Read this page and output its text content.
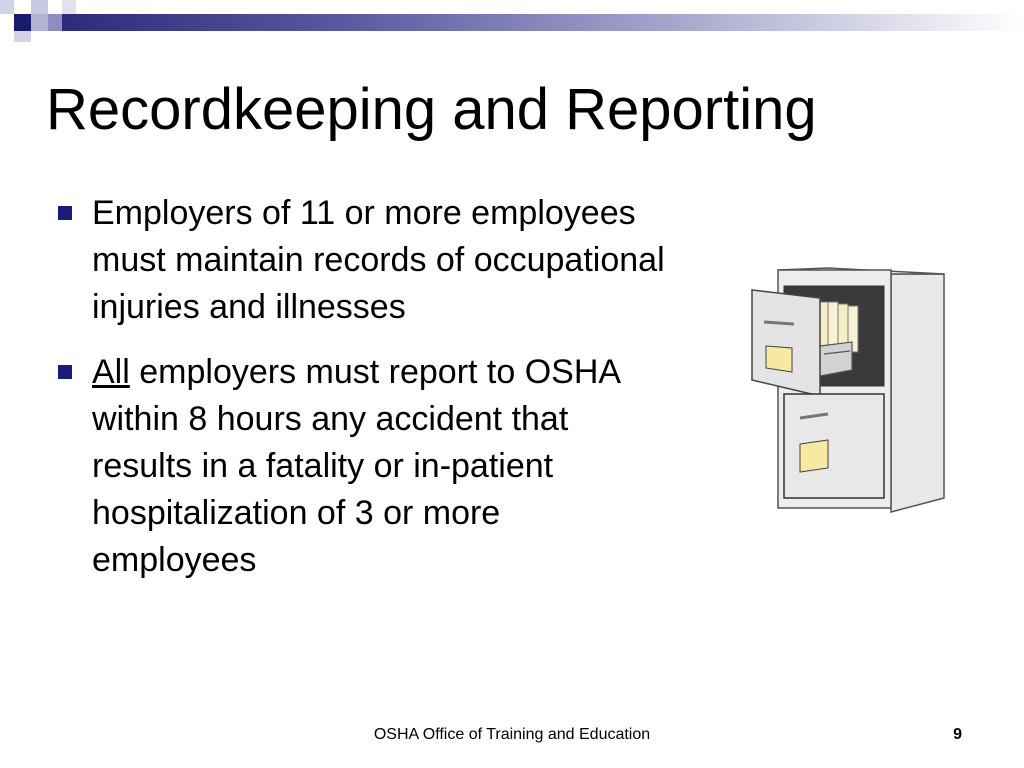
Recordkeeping and Reporting
Employers of 11 or more employees must maintain records of occupational injuries and illnesses
All employers must report to OSHA within 8 hours any accident that results in a fatality or in-patient hospitalization of 3 or more employees
OSHA Office of Training and Education	9
